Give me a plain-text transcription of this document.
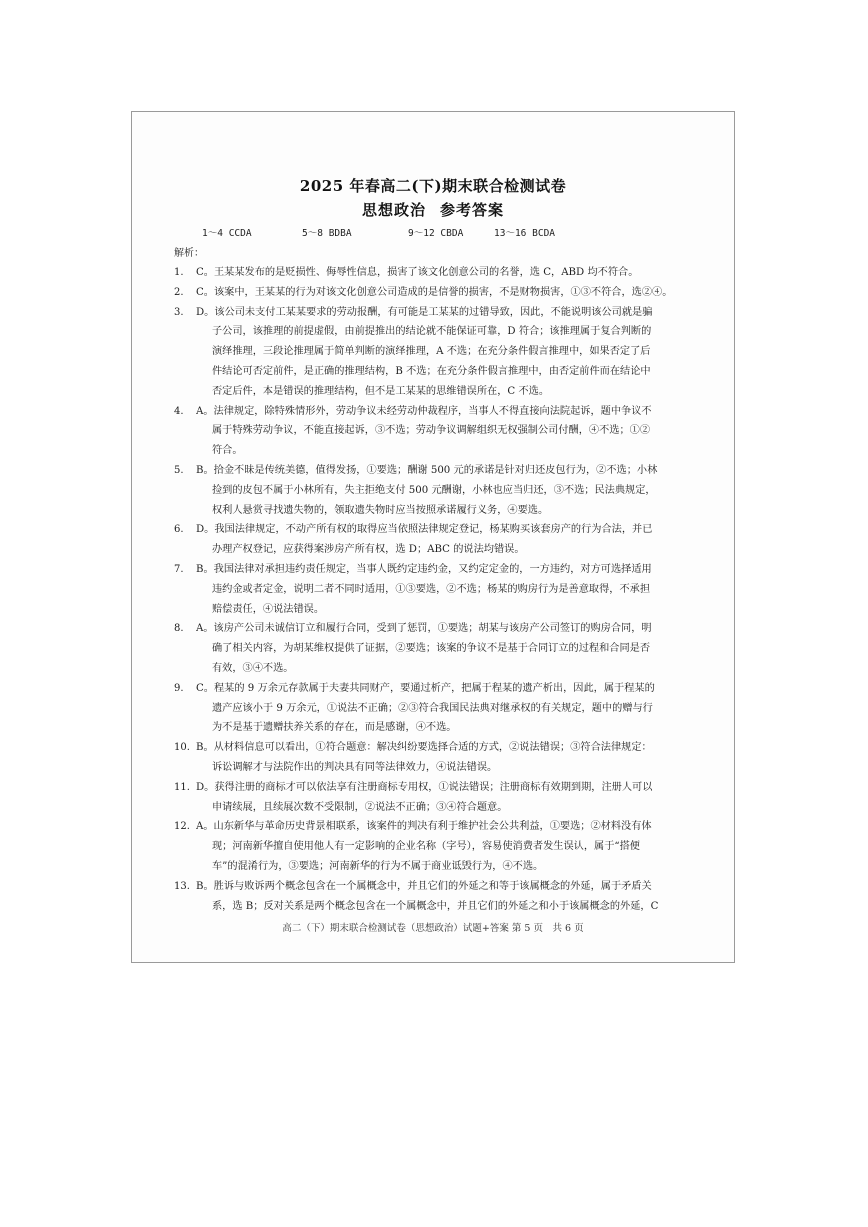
2025 年春高二(下)期末联合检测试卷
思想政治 参考答案
1～4 CCDA	5～8 BDBA	9～12 CBDA	13～16 BCDA
解析：
1.	C。王某某发布的是贬损性、侮辱性信息，损害了该文化创意公司的名誉，选 C，ABD 均不符合。
2.	C。该案中，王某某的行为对该文化创意公司造成的是信誉的损害，不是财物损害，①③不符合，选②④。
3.	D。该公司未支付工某某要求的劳动报酬，有可能是工某某的过错导致，因此，不能说明该公司就是骗
子公司，该推理的前提虚假，由前提推出的结论就不能保证可靠，D 符合；该推理属于复合判断的
演绎推理，三段论推理属于简单判断的演绎推理，A 不选；在充分条件假言推理中，如果否定了后
件结论可否定前件，是正确的推理结构，B 不选；在充分条件假言推理中，由否定前件而在结论中
否定后件，本是错误的推理结构，但不是工某某的思维错误所在，C 不选。
4.	A。法律规定，除特殊情形外，劳动争议未经劳动仲裁程序，当事人不得直接向法院起诉，题中争议不
属于特殊劳动争议，不能直接起诉，③不选；劳动争议调解组织无权强制公司付酬，④不选；①②
符合。
5.	B。拾金不昧是传统美德，值得发扬，①要选；酬谢 500 元的承诺是针对归还皮包行为，②不选；小林
捡到的皮包不属于小林所有，失主拒绝支付 500 元酬谢，小林也应当归还，③不选；民法典规定，
权利人悬赏寻找遗失物的，领取遗失物时应当按照承诺履行义务，④要选。
6.	D。我国法律规定，不动产所有权的取得应当依照法律规定登记，杨某购买该套房产的行为合法，并已
办理产权登记，应获得案涉房产所有权，选 D；ABC 的说法均错误。
7.	B。我国法律对承担违约责任规定，当事人既约定违约金，又约定定金的，一方违约，对方可选择适用
违约金或者定金，说明二者不同时适用，①③要选，②不选；杨某的购房行为是善意取得，不承担
赔偿责任，④说法错误。
8.	A。该房产公司未诚信订立和履行合同，受到了惩罚，①要选；胡某与该房产公司签订的购房合同，明
确了相关内容，为胡某维权提供了证据，②要选；该案的争议不是基于合同订立的过程和合同是否
有效，③④不选。
9.	C。程某的 9 万余元存款属于夫妻共同财产，要通过析产，把属于程某的遗产析出，因此，属于程某的
遗产应该小于 9 万余元，①说法不正确；②③符合我国民法典对继承权的有关规定，题中的赠与行
为不是基于遗赠扶养关系的存在，而是感谢，④不选。
10. B。从材料信息可以看出，①符合题意：解决纠纷要选择合适的方式，②说法错误；③符合法律规定：
诉讼调解才与法院作出的判决具有同等法律效力，④说法错误。
11. D。获得注册的商标才可以依法享有注册商标专用权，①说法错误；注册商标有效期到期，注册人可以
申请续展，且续展次数不受限制，②说法不正确；③④符合题意。
12. A。山东新华与革命历史背景相联系，该案件的判决有利于维护社会公共利益，①要选；②材料没有体
现；河南新华擅自使用他人有一定影响的企业名称（字号），容易使消费者发生误认，属于“搭便
车”的混淆行为，③要选；河南新华的行为不属于商业诋毁行为，④不选。
13. B。胜诉与败诉两个概念包含在一个属概念中，并且它们的外延之和等于该属概念的外延，属于矛盾关
系，选 B；反对关系是两个概念包含在一个属概念中，并且它们的外延之和小于该属概念的外延，C
高二（下）期末联合检测试卷（思想政治）试题+答案 第 5 页　共 6 页
